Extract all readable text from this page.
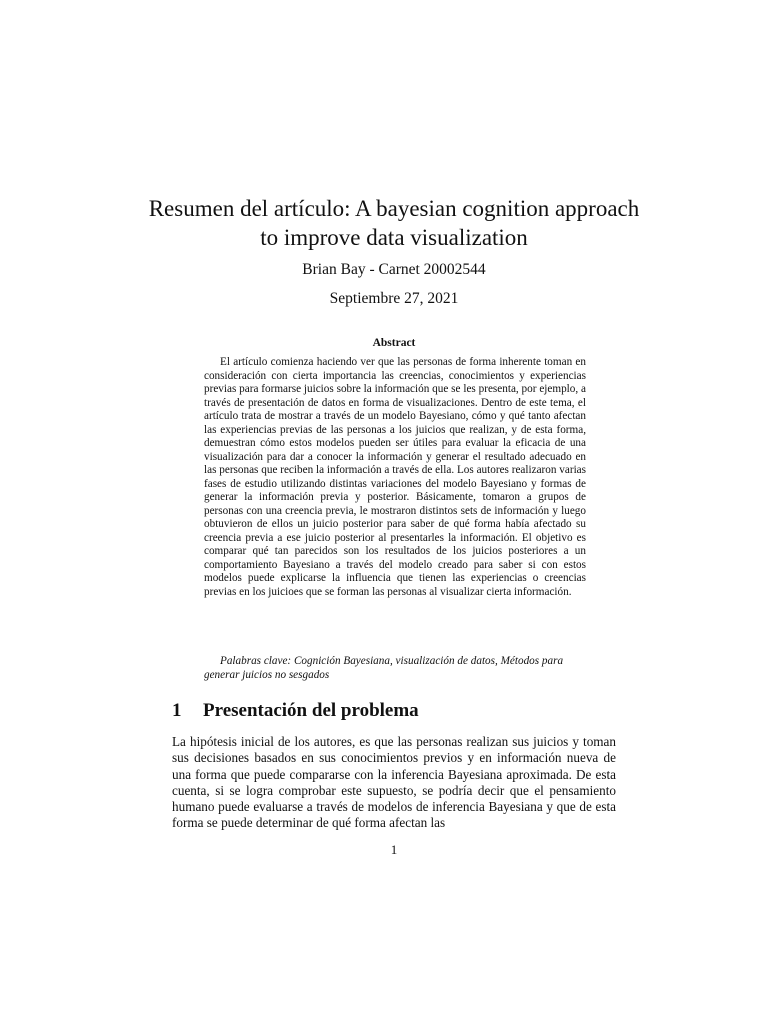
Resumen del artículo: A bayesian cognition approach to improve data visualization
Brian Bay - Carnet 20002544
Septiembre 27, 2021
Abstract

El artículo comienza haciendo ver que las personas de forma inherente toman en consideración con cierta importancia las creencias, conocimientos y experiencias previas para formarse juicios sobre la información que se les presenta, por ejemplo, a través de presentación de datos en forma de visualizaciones. Dentro de este tema, el artículo trata de mostrar a través de un modelo Bayesiano, cómo y qué tanto afectan las experiencias previas de las personas a los juicios que realizan, y de esta forma, demuestran cómo estos modelos pueden ser útiles para evaluar la eficacia de una visualización para dar a conocer la información y generar el resultado adecuado en las personas que reciben la información a través de ella. Los autores realizaron varias fases de estudio utilizando distintas variaciones del modelo Bayesiano y formas de generar la información previa y posterior. Básicamente, tomaron a grupos de personas con una creencia previa, le mostraron distintos sets de información y luego obtuvieron de ellos un juicio posterior para saber de qué forma había afectado su creencia previa a ese juicio posterior al presentarles la información. El objetivo es comparar qué tan parecidos son los resultados de los juicios posteriores a un comportamiento Bayesiano a través del modelo creado para saber si con estos modelos puede explicarse la influencia que tienen las experiencias o creencias previas en los juicioes que se forman las personas al visualizar cierta información.

Palabras clave: Cognición Bayesiana, visualización de datos, Métodos para generar juicios no sesgados

1 Presentación del problema

La hipótesis inicial de los autores, es que las personas realizan sus juicios y toman sus decisiones basados en sus conocimientos previos y en información nueva de una forma que puede compararse con la inferencia Bayesiana aproximada. De esta cuenta, si se logra comprobar este supuesto, se podría decir que el pensamiento humano puede evaluarse a través de modelos de inferencia Bayesiana y que de esta forma se puede determinar de qué forma afectan las

1
